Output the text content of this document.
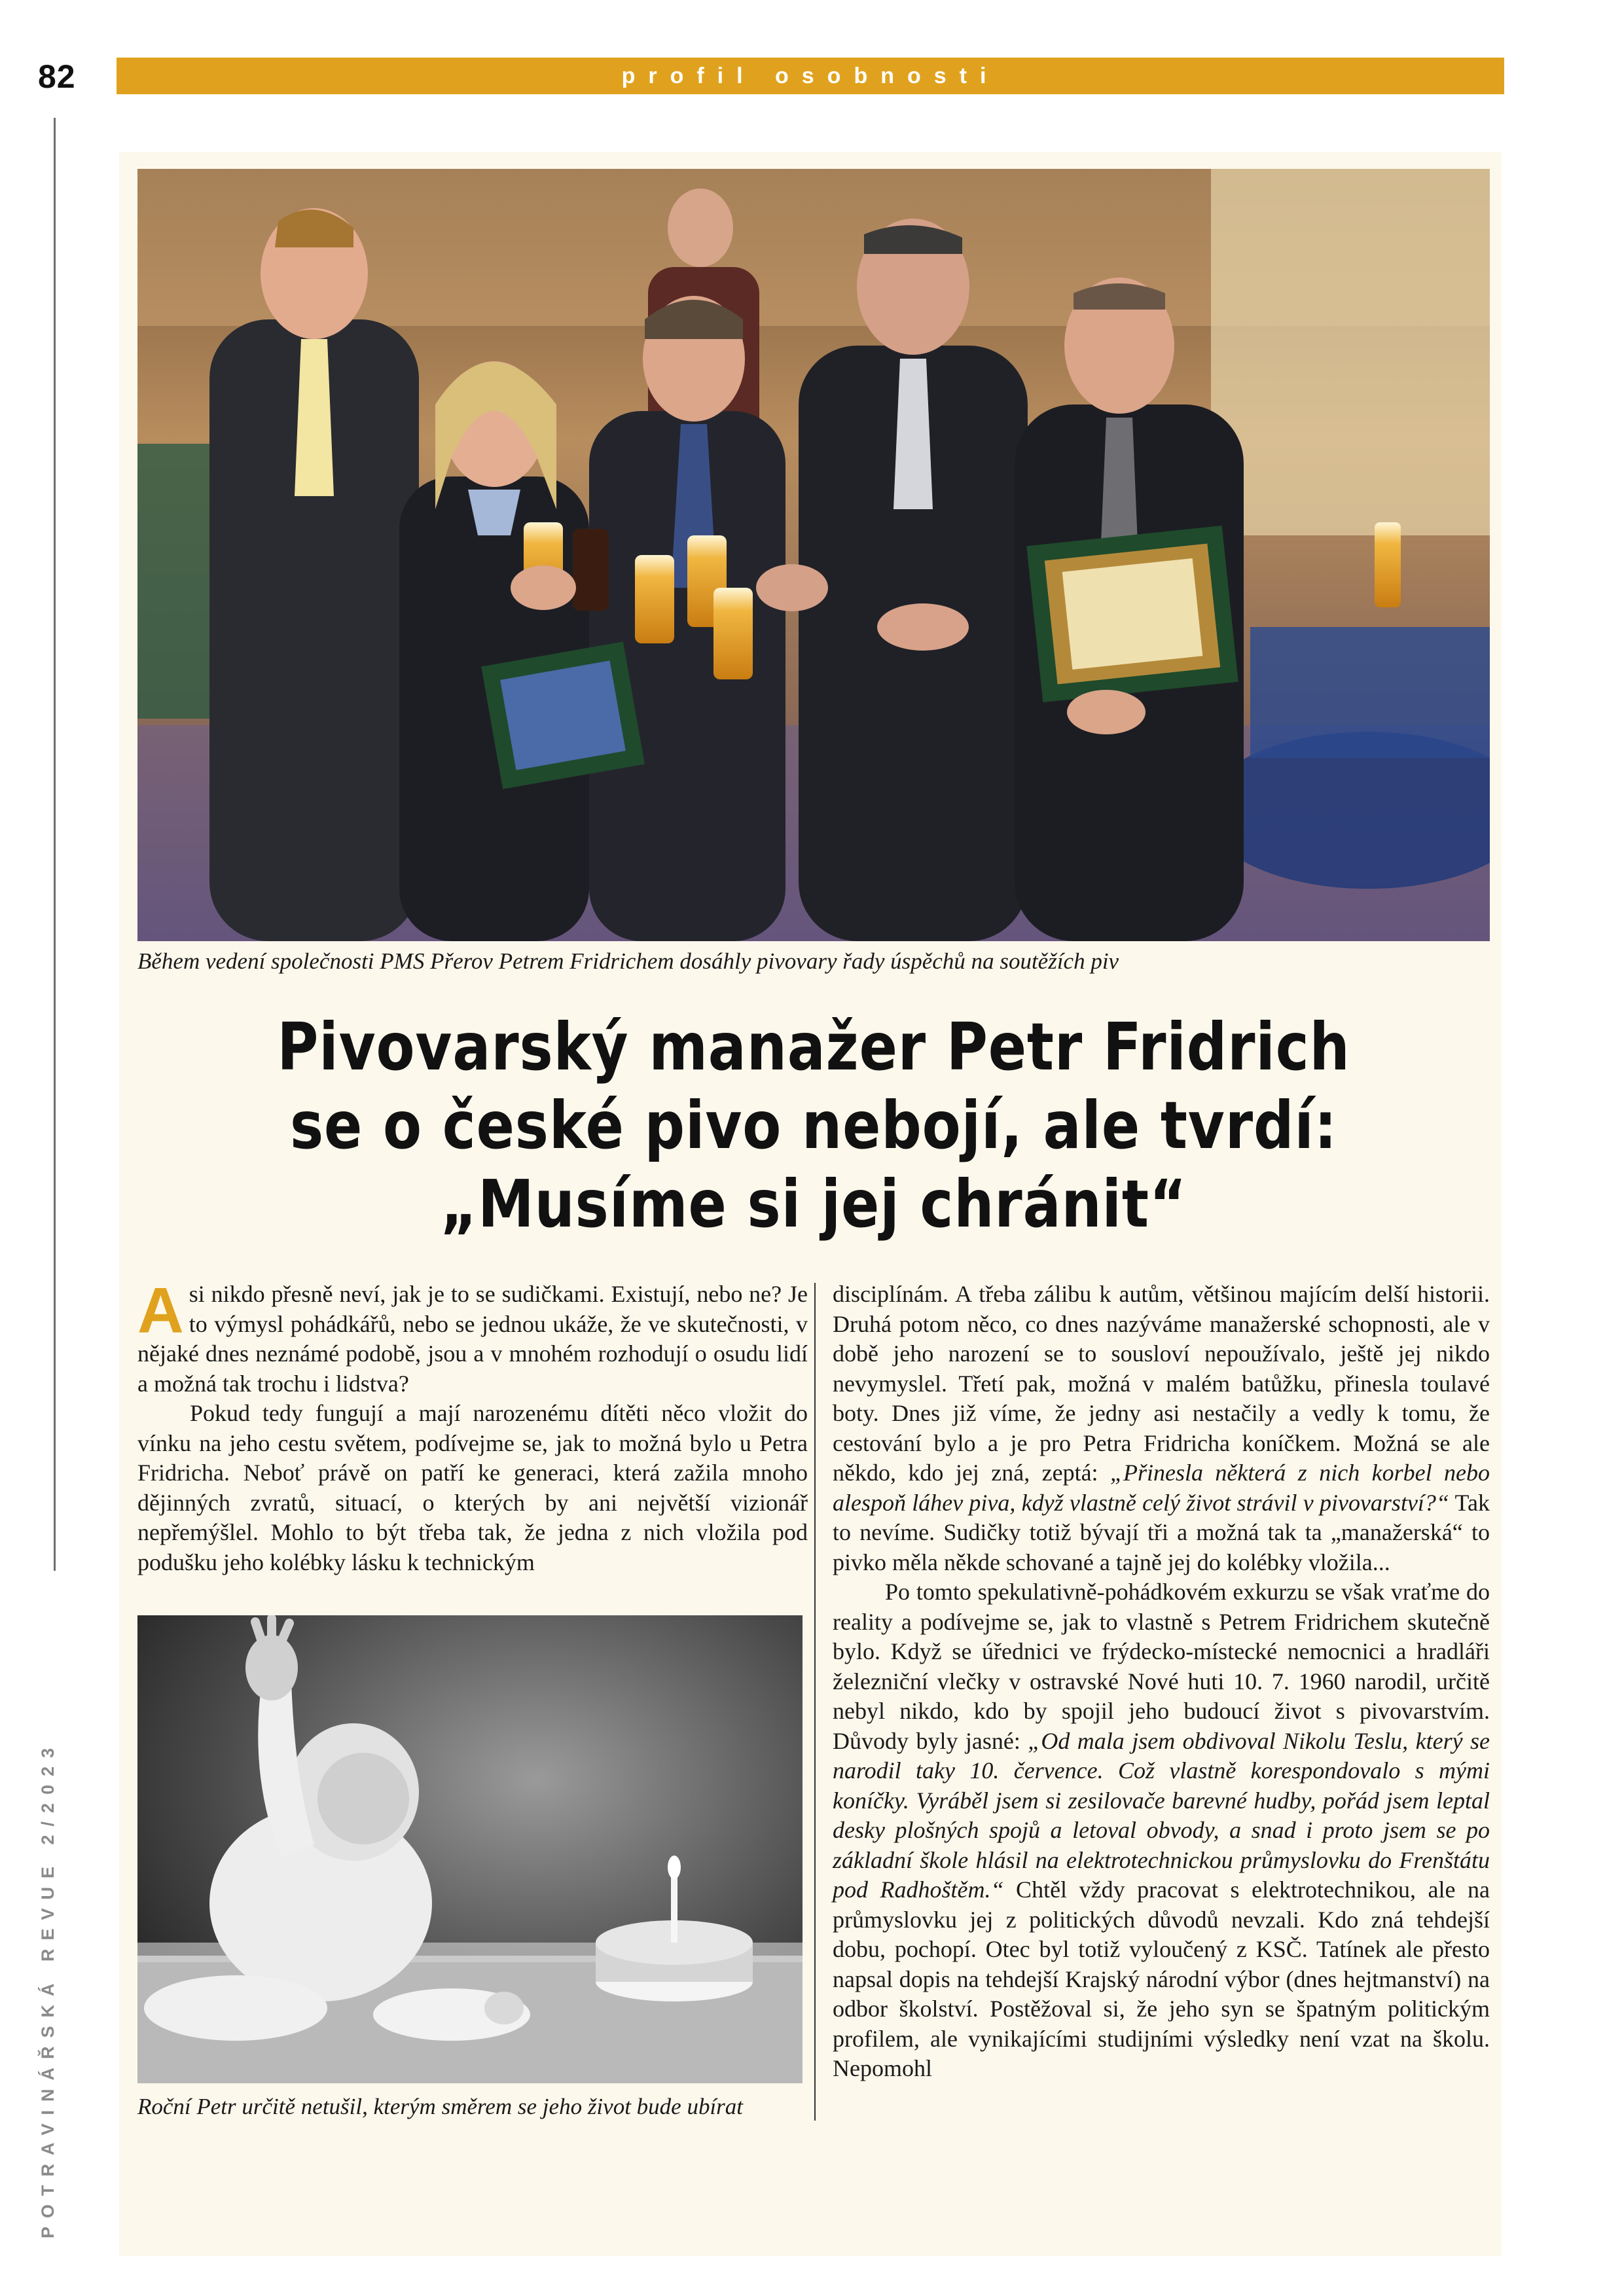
82	profil osobnosti
POTRAVINÁŘSKÁ REVUE 2/2023
Během vedení společnosti PMS Přerov Petrem Fridrichem dosáhly pivovary řady úspěchů na soutěžích piv
Pivovarský manažer Petr Fridrich
se o české pivo nebojí, ale tvrdí:
„Musíme si jej chránit“

Asi nikdo přesně neví, jak je to se sudičkami. Existují, nebo ne? Je to výmysl pohádkářů, nebo se jednou ukáže, že ve skutečnosti, v nějaké dnes neznámé podobě, jsou a v mnohém rozhodují o osudu lidí a možná tak trochu i lidstva?

Pokud tedy fungují a mají narozenému dítěti něco vložit do vínku na jeho cestu světem, podívejme se, jak to možná bylo u Petra Fridricha. Neboť právě on patří ke generaci, která zažila mnoho dějinných zvratů, situací, o kterých by ani největší vizionář nepřemýšlel. Mohlo to být třeba tak, že jedna z nich vložila pod podušku jeho kolébky lásku k technickým

disciplínám. A třeba zálibu k autům, většinou majícím delší historii. Druhá potom něco, co dnes nazýváme manažerské schopnosti, ale v době jeho narození se to sousloví nepoužívalo, ještě jej nikdo nevymyslel. Třetí pak, možná v malém batůžku, přinesla toulavé boty. Dnes již víme, že jedny asi nestačily a vedly k tomu, že cestování bylo a je pro Petra Fridricha koníčkem. Možná se ale někdo, kdo jej zná, zeptá: „Přinesla některá z nich korbel nebo alespoň láhev piva, když vlastně celý život strávil v pivovarství?“ Tak to nevíme. Sudičky totiž bývají tři a možná tak ta „manažerská“ to pivko měla někde schované a tajně jej do kolébky vložila...

Po tomto spekulativně-pohádkovém exkurzu se však vraťme do reality a podívejme se, jak to vlastně s Petrem Fridrichem skutečně bylo. Když se úřednici ve frýdecko-místecké nemocnici a hradláři železniční vlečky v ostravské Nové huti 10. 7. 1960 narodil, určitě nebyl nikdo, kdo by spojil jeho budoucí život s pivovarstvím. Důvody byly jasné: „Od mala jsem obdivoval Nikolu Teslu, který se narodil taky 10. července. Což vlastně korespondovalo s mými koníčky. Vyráběl jsem si zesilovače barevné hudby, pořád jsem leptal desky plošných spojů a letoval obvody, a snad i proto jsem se po základní škole hlásil na elektrotechnickou průmyslovku do Frenštátu pod Radhoštěm.“ Chtěl vždy pracovat s elektrotechnikou, ale na průmyslovku jej z politických důvodů nevzali. Kdo zná tehdejší dobu, pochopí. Otec byl totiž vyloučený z KSČ. Tatínek ale přesto napsal dopis na tehdejší Krajský národní výbor (dnes hejtmanství) na odbor školství. Postěžoval si, že jeho syn se špatným politickým profilem, ale vynikajícími studijními výsledky není vzat na školu. Nepomohl

Roční Petr určitě netušil, kterým směrem se jeho život bude ubírat
